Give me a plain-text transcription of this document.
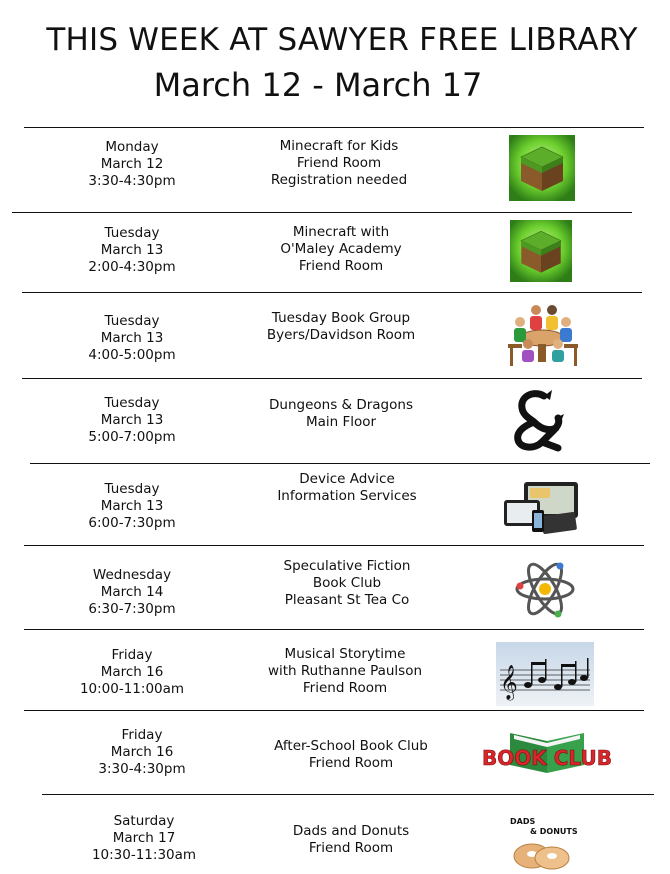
THIS WEEK AT SAWYER FREE LIBRARY
March 12 - March 17
Monday
March 12
3:30-4:30pm
Minecraft for Kids
Friend Room
Registration needed
Tuesday
March 13
2:00-4:30pm
Minecraft with
O'Maley Academy
Friend Room
Tuesday
March 13
4:00-5:00pm
Tuesday Book Group
Byers/Davidson Room
Tuesday
March 13
5:00-7:00pm
Dungeons & Dragons
Main Floor
Tuesday
March 13
6:00-7:30pm
Device Advice
Information Services
Wednesday
March 14
6:30-7:30pm
Speculative Fiction
Book Club
Pleasant St Tea Co
Friday
March 16
10:00-11:00am
Musical Storytime
with Ruthanne Paulson
Friend Room	𝄞
Friday
March 16
3:30-4:30pm
After-School Book Club
Friend Room	BOOK CLUB
Saturday
March 17
10:30-11:30am
Dads and Donuts
Friend Room
DADS
& DONUTS
